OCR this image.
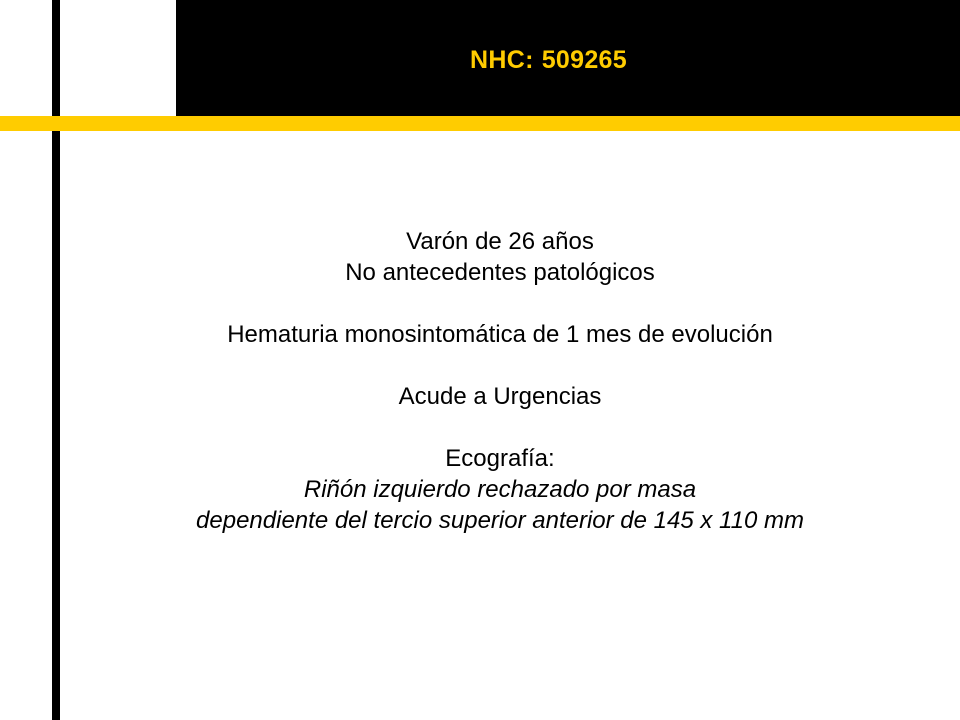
NHC: 509265
Varón de 26 años
No antecedentes patológicos
Hematuria monosintomática de 1 mes de evolución
Acude a Urgencias
Ecografía:
Riñón izquierdo rechazado por masa
dependiente del tercio superior anterior de 145 x 110 mm
